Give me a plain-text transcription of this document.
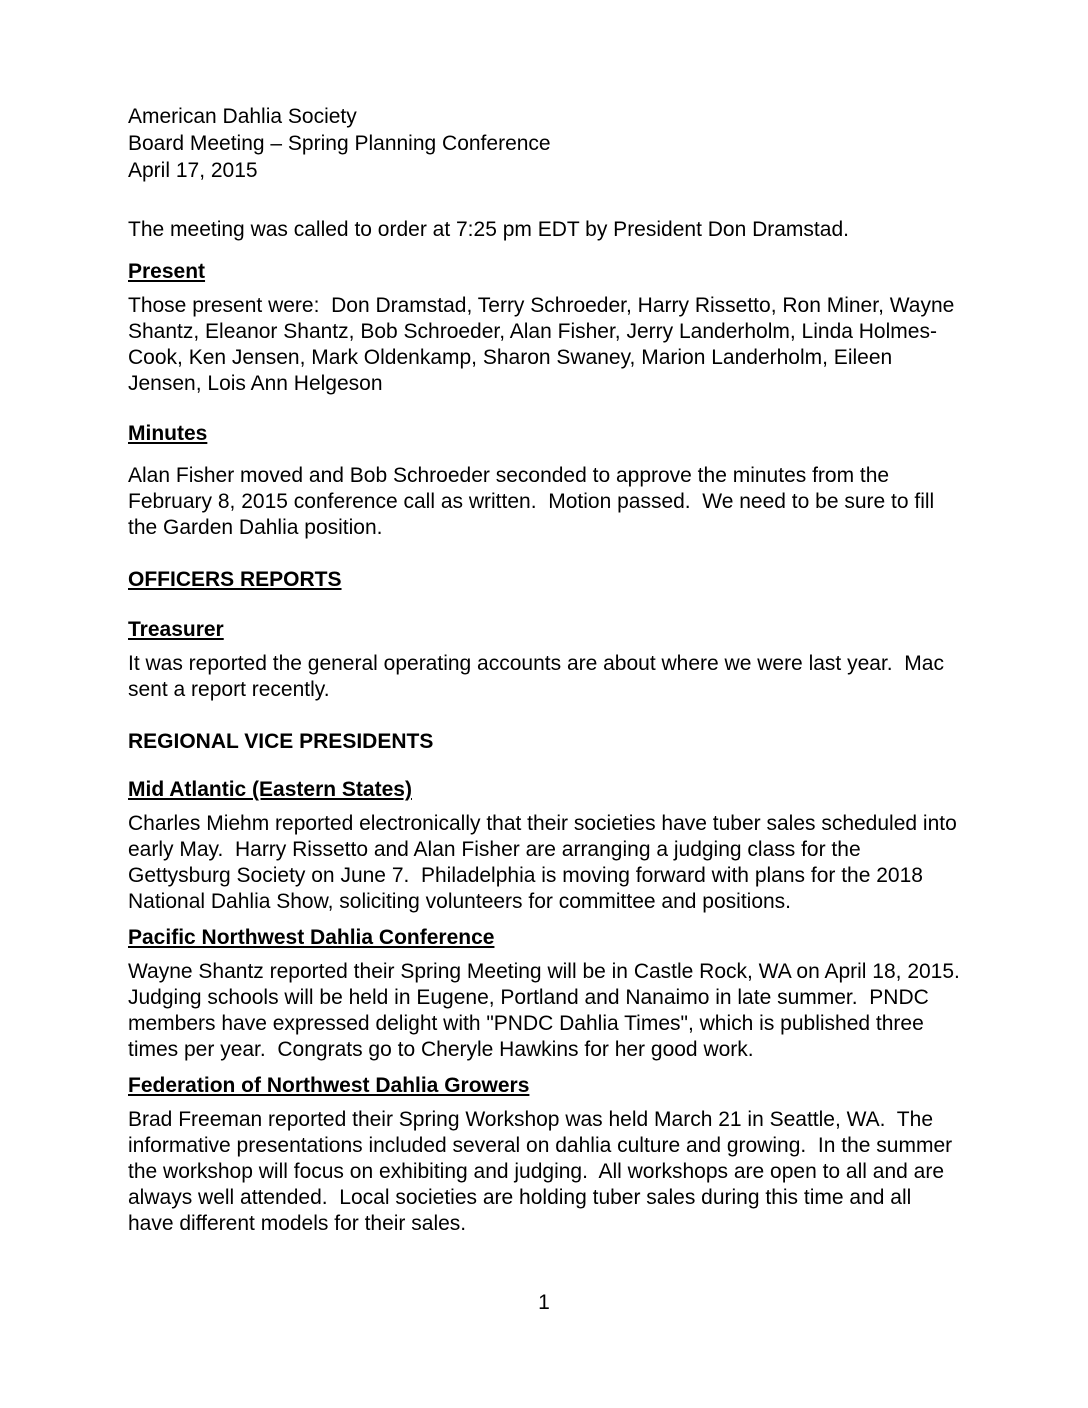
American Dahlia Society
Board Meeting – Spring Planning Conference
April 17, 2015
The meeting was called to order at 7:25 pm EDT by President Don Dramstad.
Present
Those present were:  Don Dramstad, Terry Schroeder, Harry Rissetto, Ron Miner, Wayne Shantz, Eleanor Shantz, Bob Schroeder, Alan Fisher, Jerry Landerholm, Linda Holmes-Cook, Ken Jensen, Mark Oldenkamp, Sharon Swaney, Marion Landerholm, Eileen Jensen, Lois Ann Helgeson
Minutes
Alan Fisher moved and Bob Schroeder seconded to approve the minutes from the February 8, 2015 conference call as written.  Motion passed.  We need to be sure to fill the Garden Dahlia position.
OFFICERS REPORTS
Treasurer
It was reported the general operating accounts are about where we were last year.  Mac sent a report recently.
REGIONAL VICE PRESIDENTS
Mid Atlantic (Eastern States)
Charles Miehm reported electronically that their societies have tuber sales scheduled into early May.  Harry Rissetto and Alan Fisher are arranging a judging class for the Gettysburg Society on June 7.  Philadelphia is moving forward with plans for the 2018 National Dahlia Show, soliciting volunteers for committee and positions.
Pacific Northwest Dahlia Conference
Wayne Shantz reported their Spring Meeting will be in Castle Rock, WA on April 18, 2015.  Judging schools will be held in Eugene, Portland and Nanaimo in late summer.  PNDC members have expressed delight with "PNDC Dahlia Times", which is published three times per year.  Congrats go to Cheryle Hawkins for her good work.
Federation of Northwest Dahlia Growers
Brad Freeman reported their Spring Workshop was held March 21 in Seattle, WA.  The informative presentations included several on dahlia culture and growing.  In the summer the workshop will focus on exhibiting and judging.  All workshops are open to all and are always well attended.  Local societies are holding tuber sales during this time and all have different models for their sales.
1
